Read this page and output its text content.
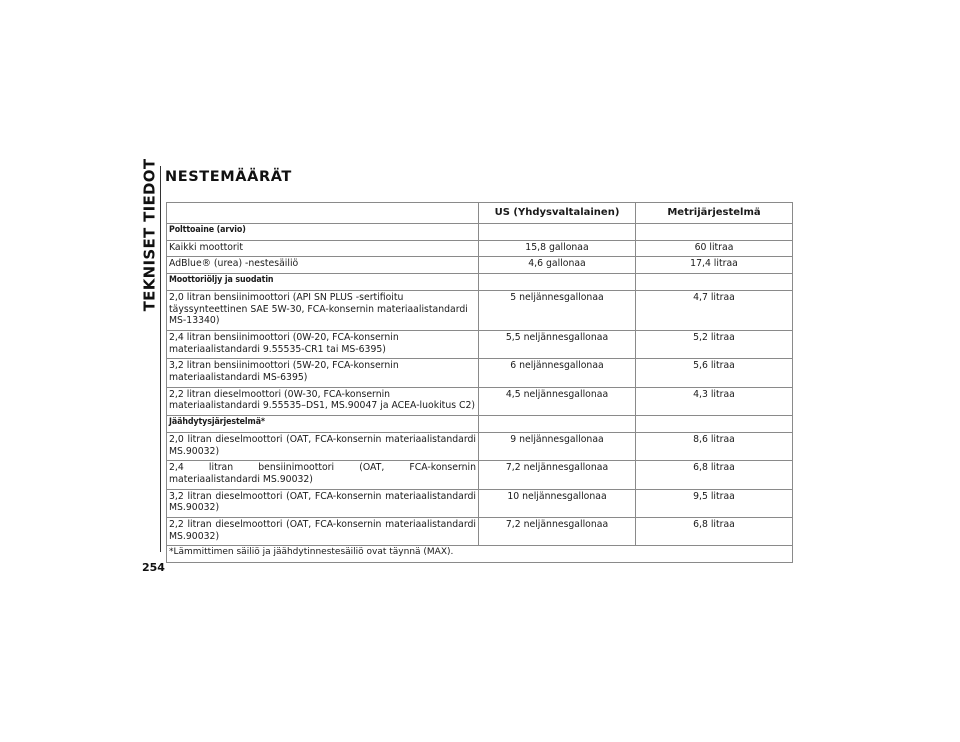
TEKNISET TIEDOT NESTEMÄÄRÄT
	US (Yhdysvaltalainen)	Metrijärjestelmä
Polttoaine (arvio)		
Kaikki moottorit	15,8 gallonaa	60 litraa
AdBlue® (urea) -nestesäiliö	4,6 gallonaa	17,4 litraa
Moottoriöljy ja suodatin		
2,0 litran bensiinimoottori (API SN PLUS -sertifioitu täyssynteettinen SAE 5W-30, FCA-konsernin materiaalistandardi MS-13340)	5 neljännesgallonaa	4,7 litraa
2,4 litran bensiinimoottori (0W-20, FCA-konsernin materiaalistandardi 9.55535-CR1 tai MS-6395)	5,5 neljännesgallonaa	5,2 litraa
3,2 litran bensiinimoottori (5W-20, FCA-konsernin materiaalistandardi MS-6395)	6 neljännesgallonaa	5,6 litraa
2,2 litran dieselmoottori (0W-30, FCA-konsernin materiaalistandardi 9.55535–DS1, MS.90047 ja ACEA-luokitus C2)	4,5 neljännesgallonaa	4,3 litraa
Jäähdytysjärjestelmä*		
2,0 litran dieselmoottori (OAT, FCA-konsernin materiaalistandardi MS.90032)	9 neljännesgallonaa	8,6 litraa
2,4 litran bensiinimoottori (OAT, FCA-konsernin materiaalistandardi MS.90032)	7,2 neljännesgallonaa	6,8 litraa
3,2 litran dieselmoottori (OAT, FCA-konsernin materiaalistandardi MS.90032)	10 neljännesgallonaa	9,5 litraa
2,2 litran dieselmoottori (OAT, FCA-konsernin materiaalistandardi MS.90032)	7,2 neljännesgallonaa	6,8 litraa
*Lämmittimen säiliö ja jäähdytinnestesäiliö ovat täynnä (MAX).		
254
